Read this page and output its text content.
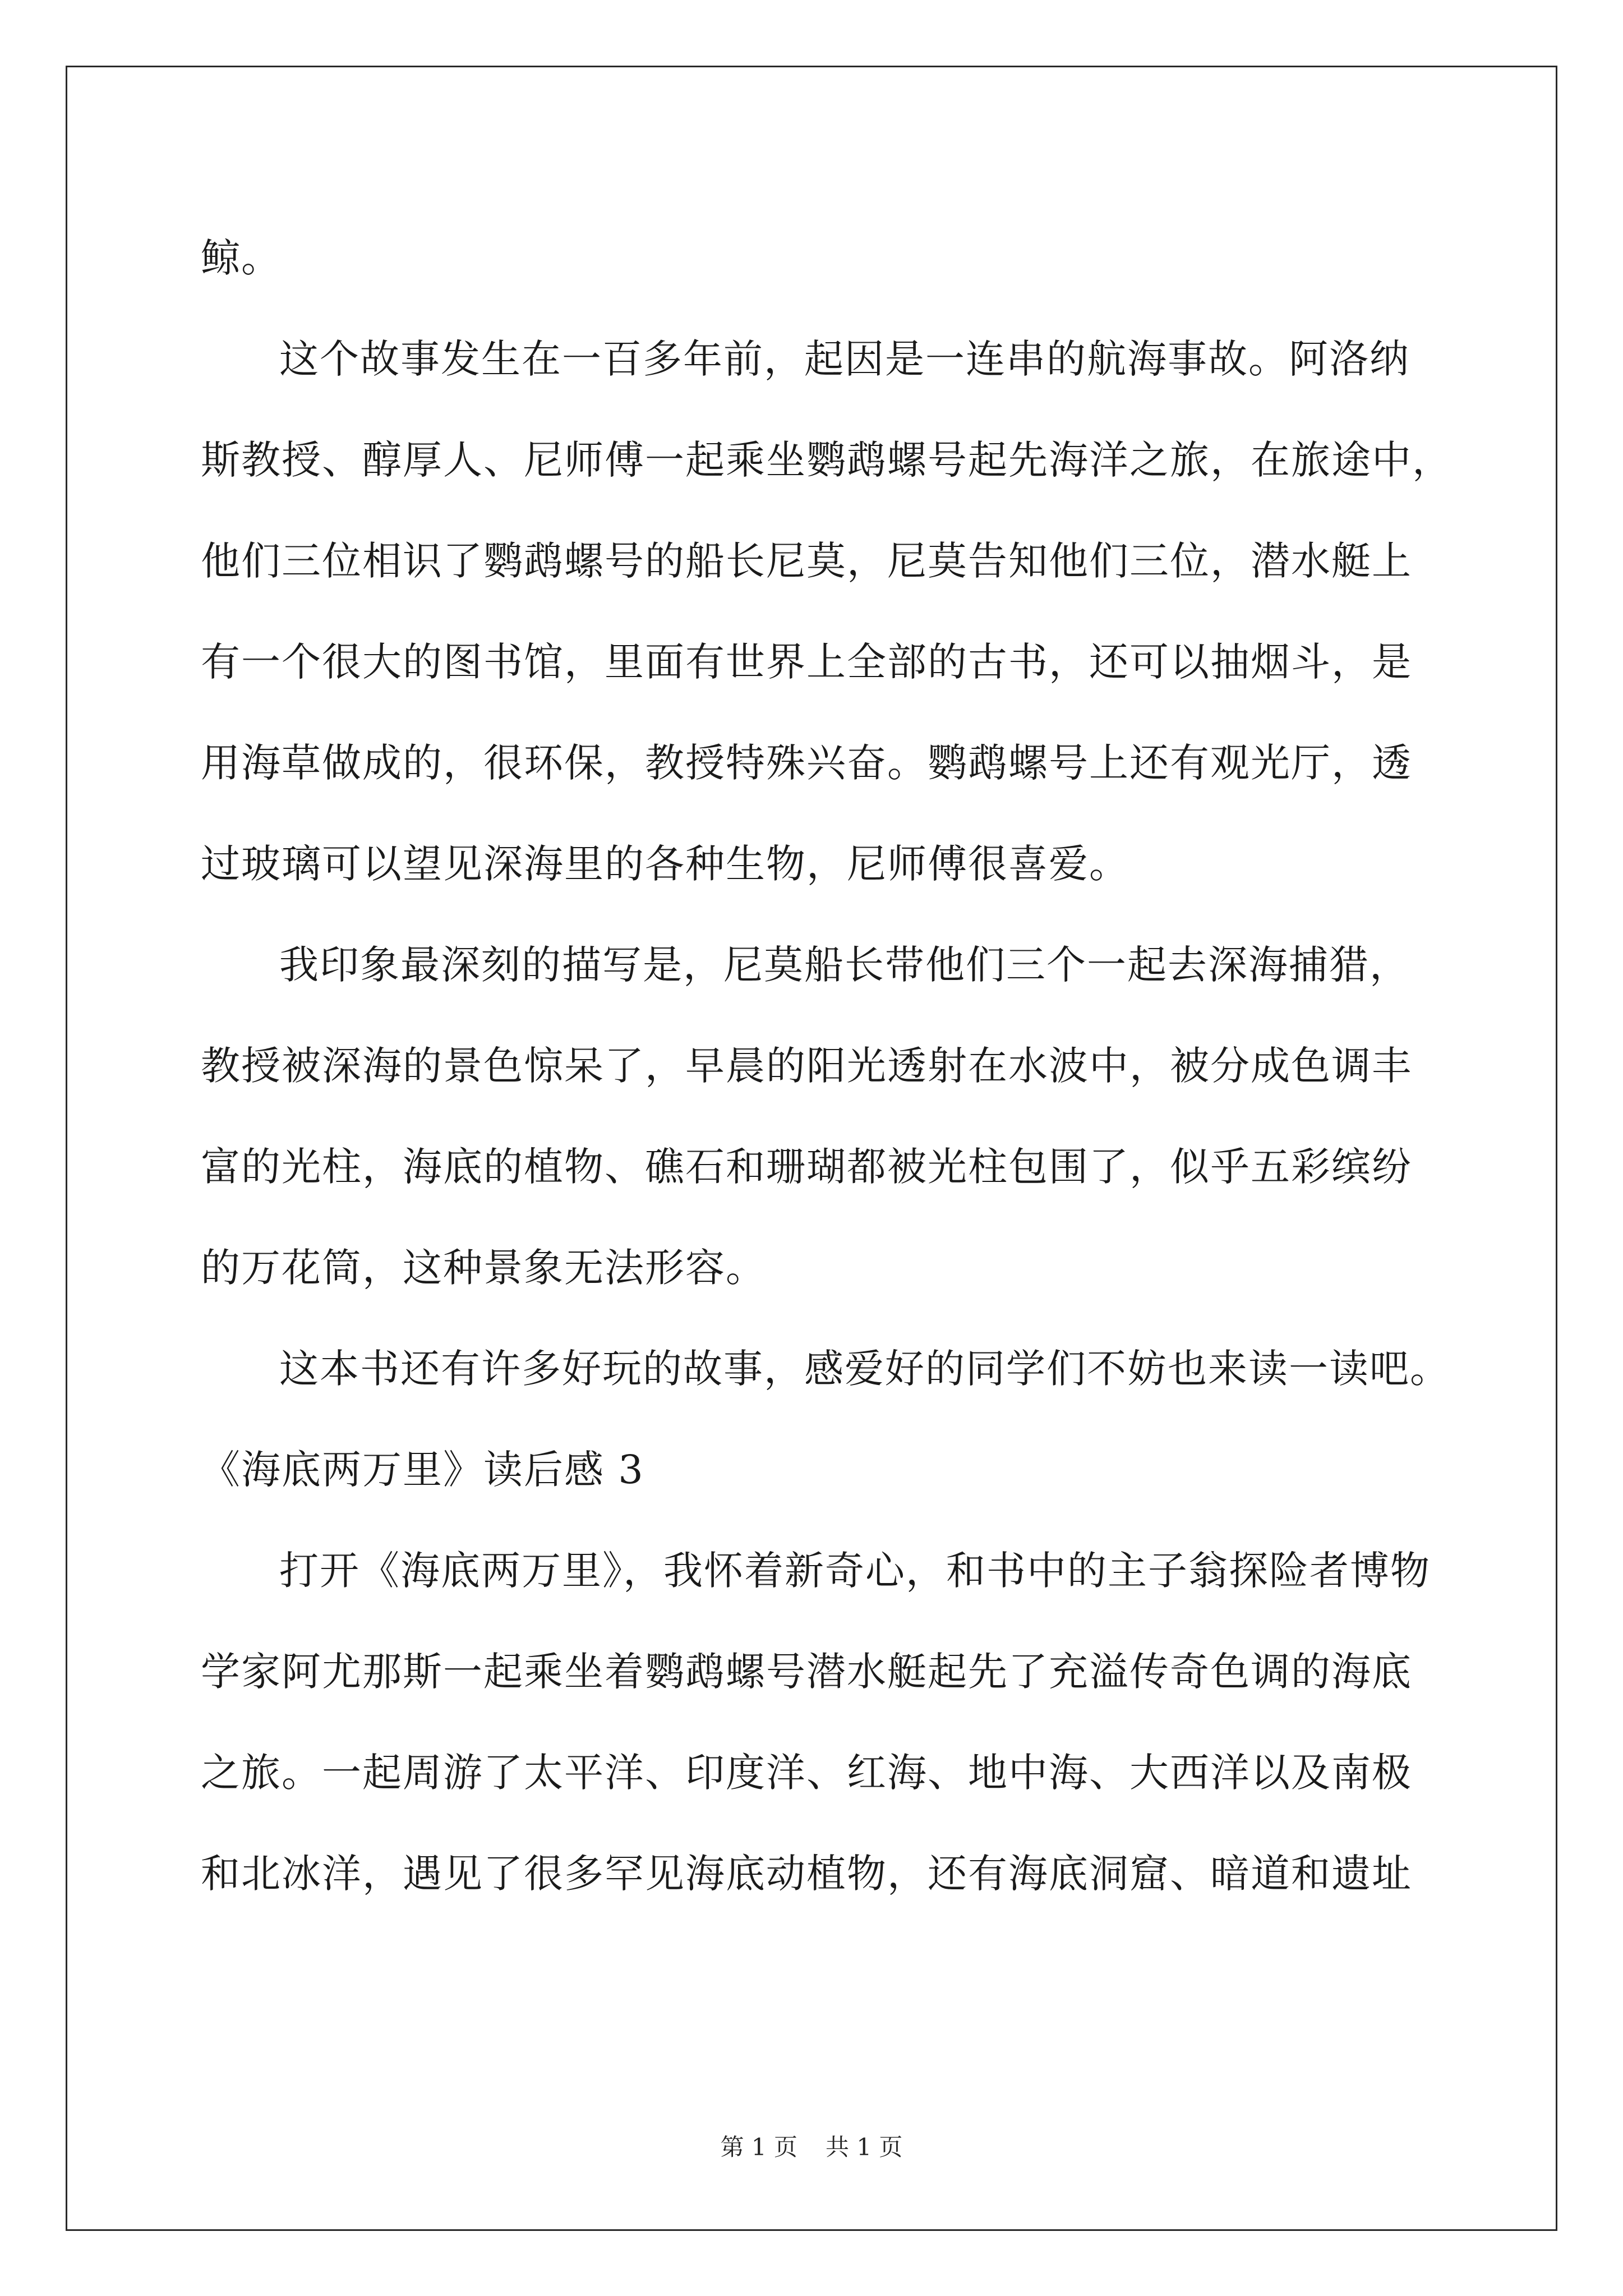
鲸。

这个故事发生在一百多年前，起因是一连串的航海事故。阿洛纳

斯教授、醇厚人、尼师傅一起乘坐鹦鹉螺号起先海洋之旅，在旅途中，

他们三位相识了鹦鹉螺号的船长尼莫，尼莫告知他们三位，潜水艇上

有一个很大的图书馆，里面有世界上全部的古书，还可以抽烟斗，是

用海草做成的，很环保，教授特殊兴奋。鹦鹉螺号上还有观光厅，透

过玻璃可以望见深海里的各种生物，尼师傅很喜爱。

我印象最深刻的描写是，尼莫船长带他们三个一起去深海捕猎，

教授被深海的景色惊呆了，早晨的阳光透射在水波中，被分成色调丰

富的光柱，海底的植物、礁石和珊瑚都被光柱包围了，似乎五彩缤纷

的万花筒，这种景象无法形容。

这本书还有许多好玩的故事，感爱好的同学们不妨也来读一读吧。

《海底两万里》读后感 3

打开《海底两万里》，我怀着新奇心，和书中的主子翁探险者博物

学家阿尤那斯一起乘坐着鹦鹉螺号潜水艇起先了充溢传奇色调的海底

之旅。一起周游了太平洋、印度洋、红海、地中海、大西洋以及南极

和北冰洋，遇见了很多罕见海底动植物，还有海底洞窟、暗道和遗址

第 1 页 共 1 页
